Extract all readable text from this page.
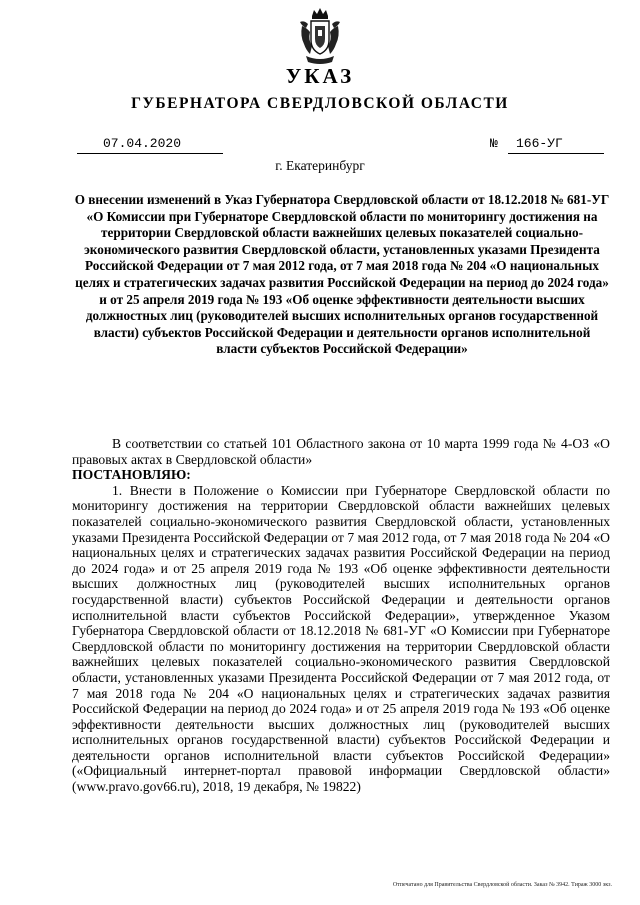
УКАЗ
ГУБЕРНАТОРА СВЕРДЛОВСКОЙ ОБЛАСТИ
07.04.2020	№ 166-УГ
г. Екатеринбург
О внесении изменений в Указ Губернатора Свердловской области от 18.12.2018 № 681-УГ «О Комиссии при Губернаторе Свердловской области по мониторингу достижения на территории Свердловской области важнейших целевых показателей социально-экономического развития Свердловской области, установленных указами Президента Российской Федерации от 7 мая 2012 года, от 7 мая 2018 года № 204 «О национальных целях и стратегических задачах развития Российской Федерации на период до 2024 года» и от 25 апреля 2019 года № 193 «Об оценке эффективности деятельности высших должностных лиц (руководителей высших исполнительных органов государственной власти) субъектов Российской Федерации и деятельности органов исполнительной власти субъектов Российской Федерации»

В соответствии со статьей 101 Областного закона от 10 марта 1999 года № 4-ОЗ «О правовых актах в Свердловской области»

ПОСТАНОВЛЯЮ:

1. Внести в Положение о Комиссии при Губернаторе Свердловской области по мониторингу достижения на территории Свердловской области важнейших целевых показателей социально-экономического развития Свердловской области, установленных указами Президента Российской Федерации от 7 мая 2012 года, от 7 мая 2018 года № 204 «О национальных целях и стратегических задачах развития Российской Федерации на период до 2024 года» и от 25 апреля 2019 года № 193 «Об оценке эффективности деятельности высших должностных лиц (руководителей высших исполнительных органов государственной власти) субъектов Российской Федерации и деятельности органов исполнительной власти субъектов Российской Федерации», утвержденное Указом Губернатора Свердловской области от 18.12.2018 № 681-УГ «О Комиссии при Губернаторе Свердловской области по мониторингу достижения на территории Свердловской области важнейших целевых показателей социально-экономического развития Свердловской области, установленных указами Президента Российской Федерации от 7 мая 2012 года, от 7 мая 2018 года № 204 «О национальных целях и стратегических задачах развития Российской Федерации на период до 2024 года» и от 25 апреля 2019 года № 193 «Об оценке эффективности деятельности высших должностных лиц (руководителей высших исполнительных органов государственной власти) субъектов Российской Федерации и деятельности органов исполнительной власти субъектов Российской Федерации» («Официальный интернет-портал правовой информации Свердловской области» (www.pravo.gov66.ru), 2018, 19 декабря, № 19822)

Отпечатано для Правительства Свердловской области. Заказ № 3942. Тираж 3000 экз.
